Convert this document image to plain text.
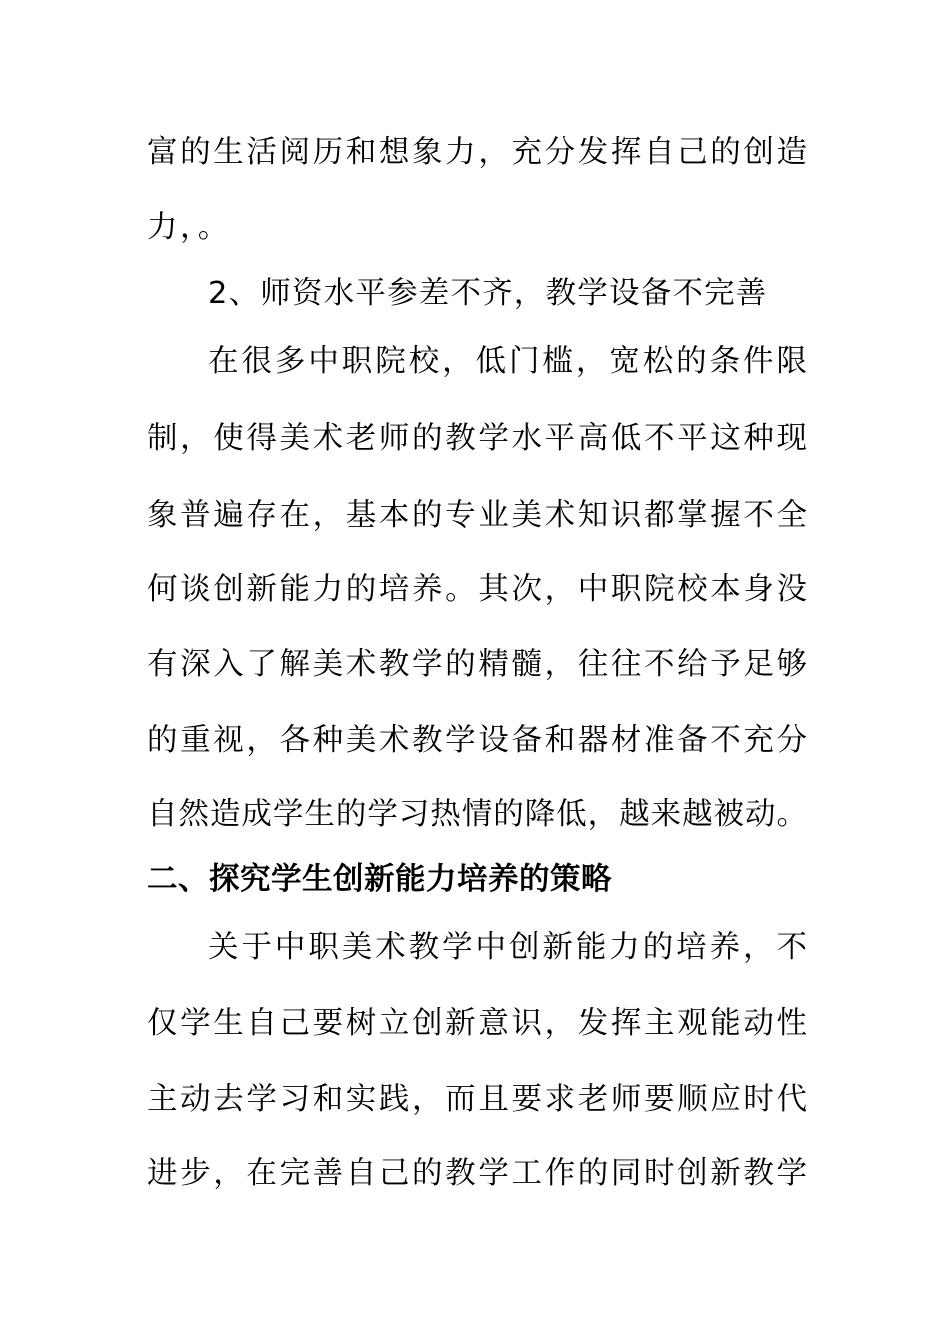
富的生活阅历和想象力，充分发挥自己的创造
力，。
2、师资水平参差不齐，教学设备不完善
在很多中职院校，低门槛，宽松的条件限
制，使得美术老师的教学水平高低不平这种现
象普遍存在，基本的专业美术知识都掌握不全
何谈创新能力的培养。其次，中职院校本身没
有深入了解美术教学的精髓，往往不给予足够
的重视，各种美术教学设备和器材准备不充分
自然造成学生的学习热情的降低，越来越被动。
二、探究学生创新能力培养的策略
关于中职美术教学中创新能力的培养，不
仅学生自己要树立创新意识，发挥主观能动性
主动去学习和实践，而且要求老师要顺应时代
进步，在完善自己的教学工作的同时创新教学
